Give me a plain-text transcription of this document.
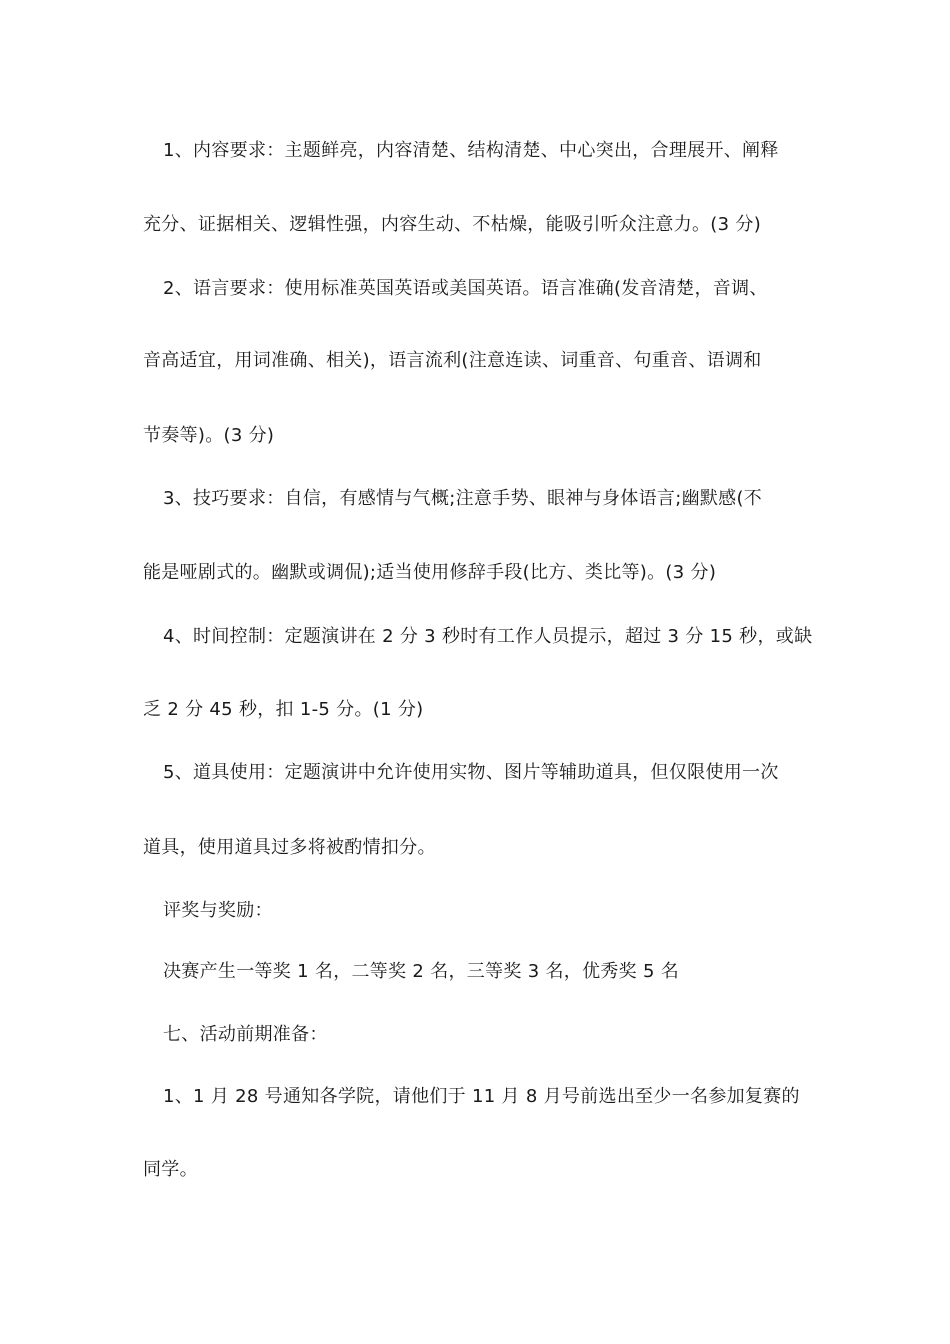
1、内容要求：主题鲜亮，内容清楚、结构清楚、中心突出，合理展开、阐释
充分、证据相关、逻辑性强，内容生动、不枯燥，能吸引听众注意力。(3 分)
2、语言要求：使用标准英国英语或美国英语。语言准确(发音清楚，音调、
音高适宜，用词准确、相关)，语言流利(注意连读、词重音、句重音、语调和
节奏等)。(3 分)
3、技巧要求：自信，有感情与气概;注意手势、眼神与身体语言;幽默感(不
能是哑剧式的。幽默或调侃);适当使用修辞手段(比方、类比等)。(3 分)
4、时间控制：定题演讲在 2 分 3 秒时有工作人员提示，超过 3 分 15 秒，或缺
乏 2 分 45 秒，扣 1-5 分。(1 分)
5、道具使用：定题演讲中允许使用实物、图片等辅助道具，但仅限使用一次
道具，使用道具过多将被酌情扣分。
评奖与奖励：
决赛产生一等奖 1 名，二等奖 2 名，三等奖 3 名，优秀奖 5 名
七、活动前期准备：
1、1 月 28 号通知各学院，请他们于 11 月 8 月号前选出至少一名参加复赛的
同学。
